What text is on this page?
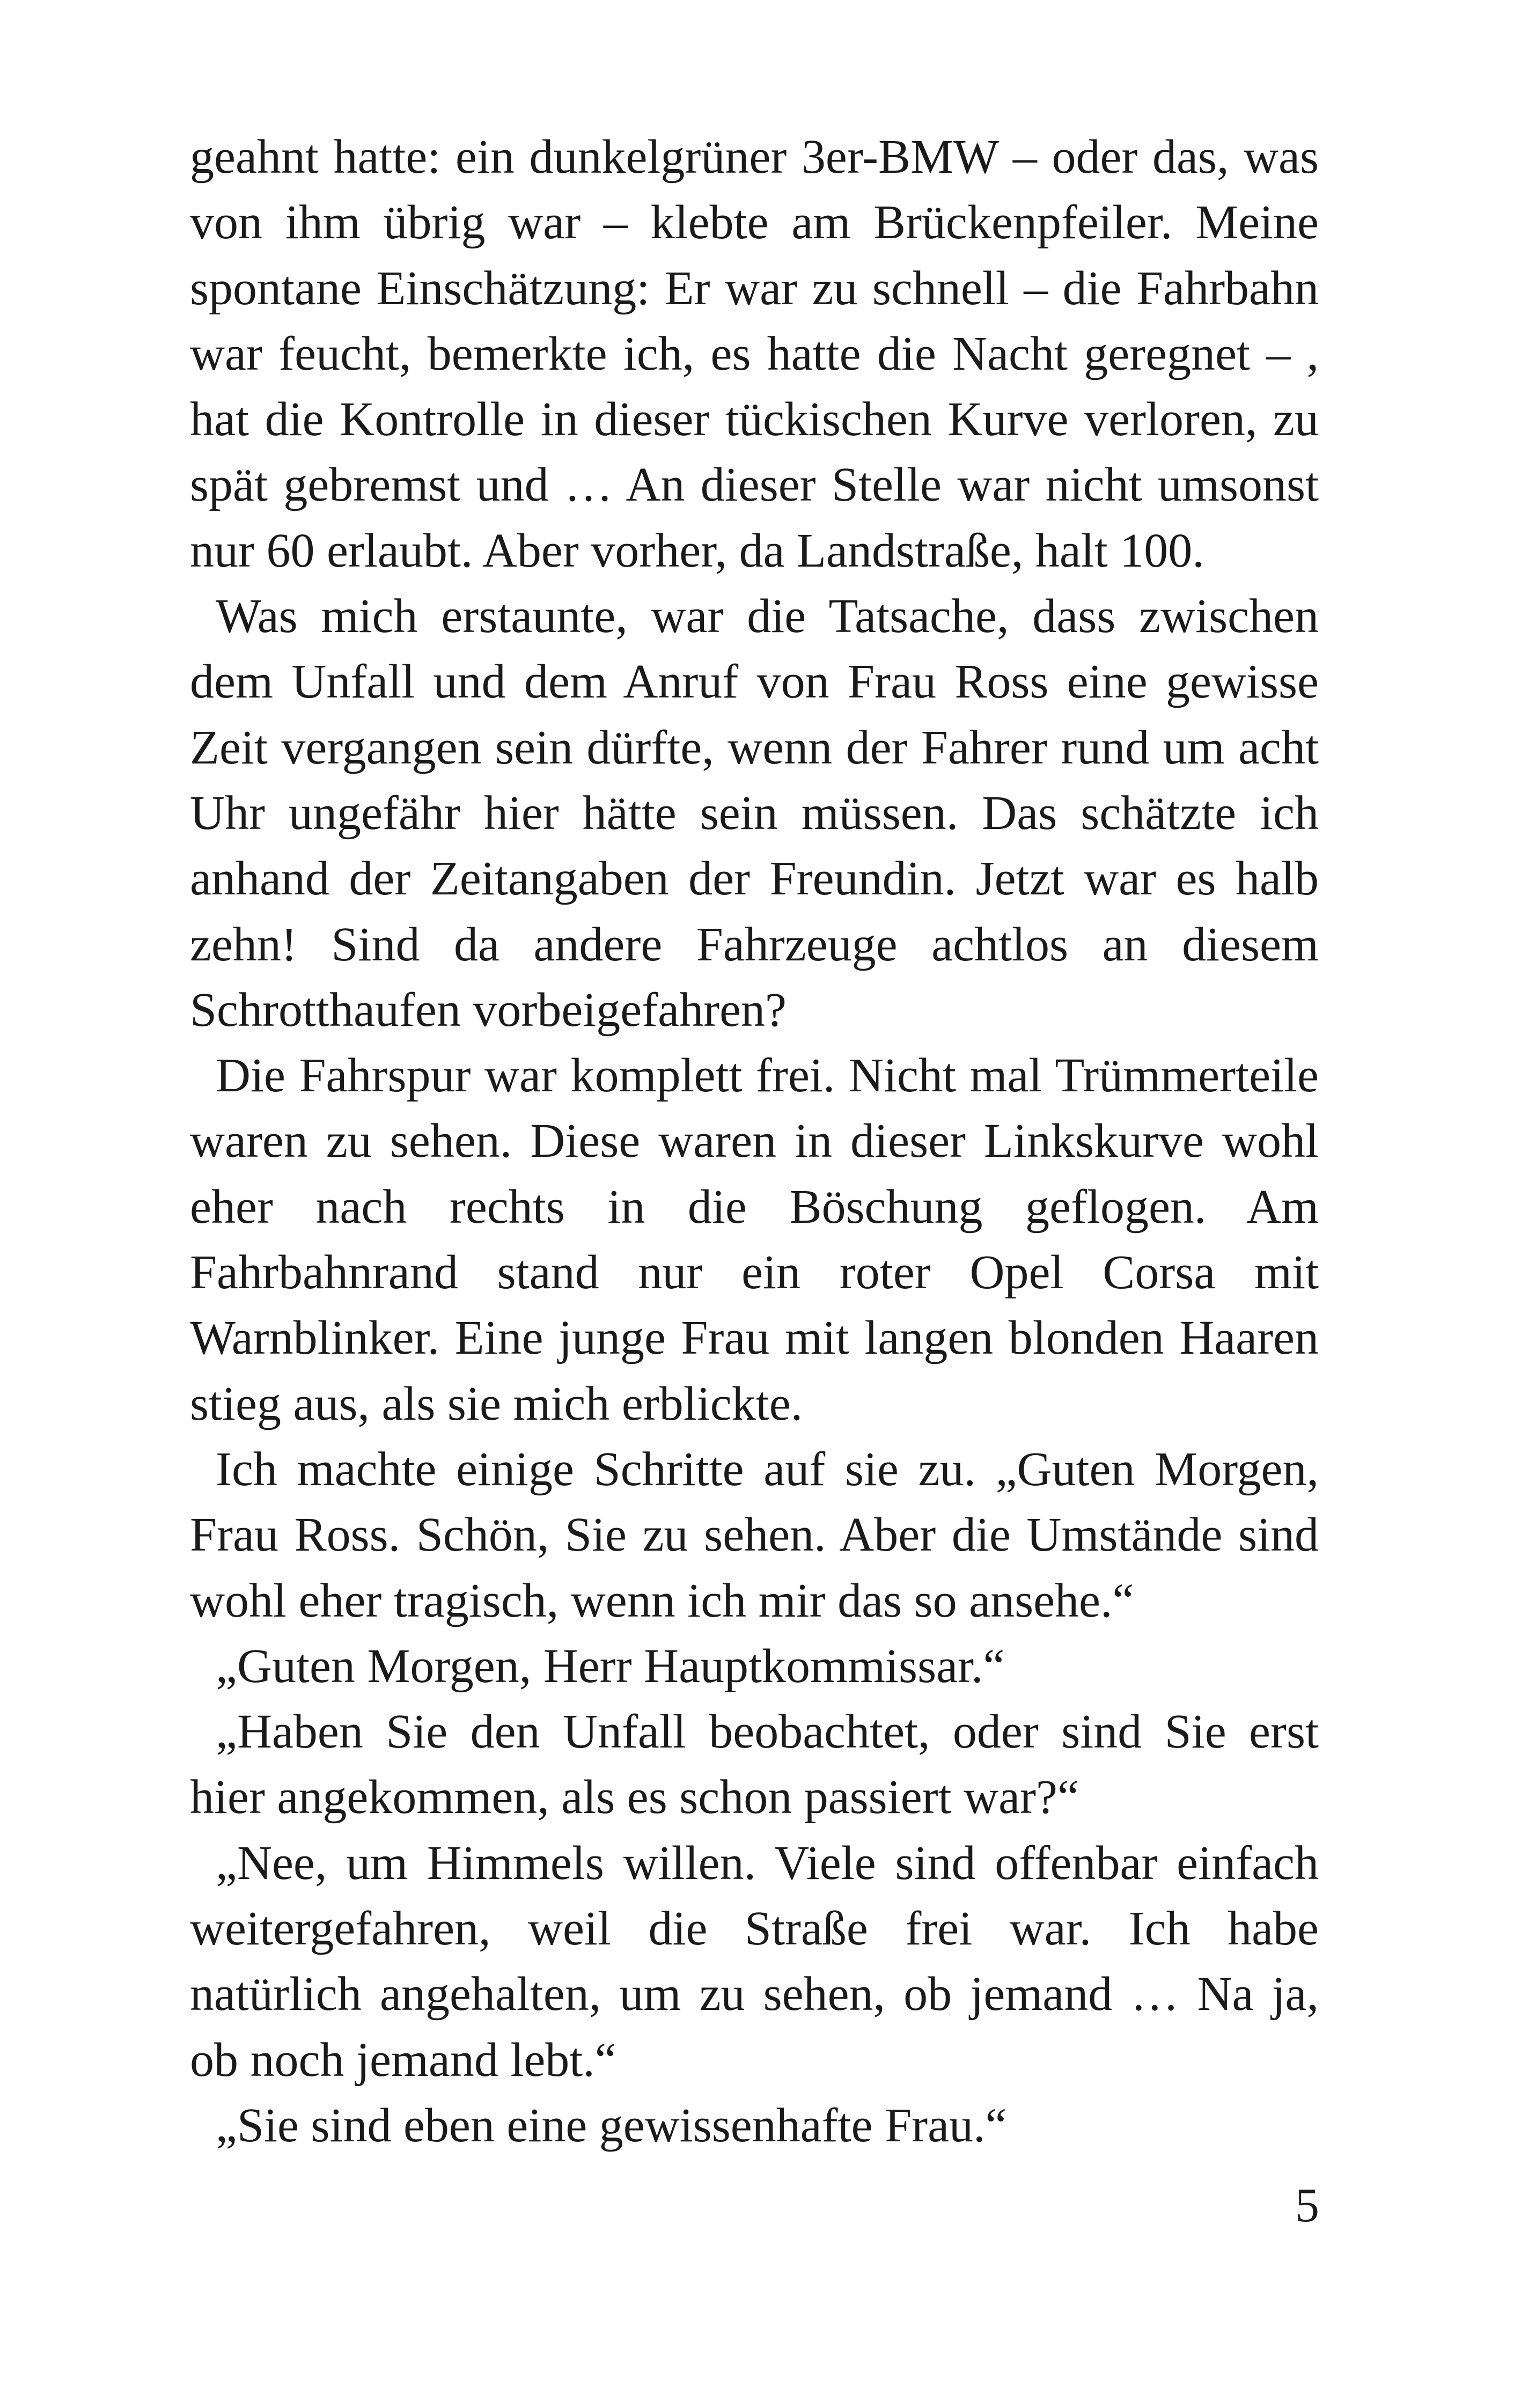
geahnt hatte: ein dunkelgrüner 3er-BMW – oder das, was von ihm übrig war – klebte am Brückenpfeiler. Meine spontane Einschätzung: Er war zu schnell – die Fahrbahn war feucht, bemerkte ich, es hatte die Nacht geregnet – , hat die Kontrolle in dieser tückischen Kurve verloren, zu spät gebremst und … An dieser Stelle war nicht umsonst nur 60 erlaubt. Aber vorher, da Landstraße, halt 100.

Was mich erstaunte, war die Tatsache, dass zwischen dem Unfall und dem Anruf von Frau Ross eine gewisse Zeit vergangen sein dürfte, wenn der Fahrer rund um acht Uhr ungefähr hier hätte sein müssen. Das schätzte ich anhand der Zeitangaben der Freundin. Jetzt war es halb zehn! Sind da andere Fahrzeuge achtlos an diesem Schrotthaufen vorbeigefahren?

Die Fahrspur war komplett frei. Nicht mal Trümmerteile waren zu sehen. Diese waren in dieser Linkskurve wohl eher nach rechts in die Böschung geflogen. Am Fahrbahnrand stand nur ein roter Opel Corsa mit Warnblinker. Eine junge Frau mit langen blonden Haaren stieg aus, als sie mich erblickte.

Ich machte einige Schritte auf sie zu. „Guten Morgen, Frau Ross. Schön, Sie zu sehen. Aber die Umstände sind wohl eher tragisch, wenn ich mir das so ansehe.“

„Guten Morgen, Herr Hauptkommissar.“

„Haben Sie den Unfall beobachtet, oder sind Sie erst hier angekommen, als es schon passiert war?“

„Nee, um Himmels willen. Viele sind offenbar einfach weitergefahren, weil die Straße frei war. Ich habe natürlich angehalten, um zu sehen, ob jemand … Na ja, ob noch jemand lebt.“

„Sie sind eben eine gewissenhafte Frau.“

5
